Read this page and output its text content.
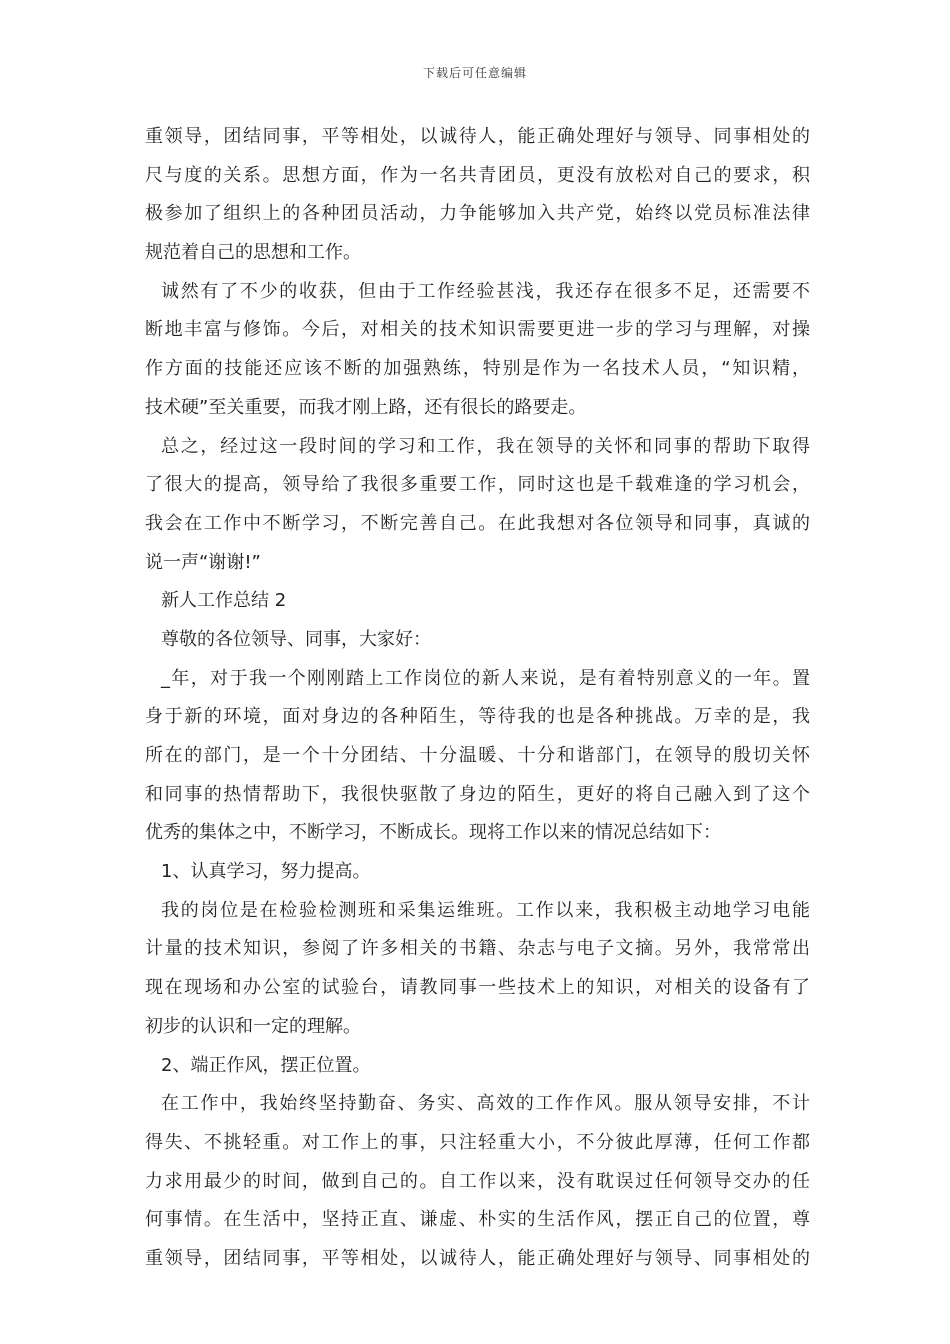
下载后可任意编辑
重领导，团结同事，平等相处，以诚待人，能正确处理好与领导、同事相处的
尺与度的关系。思想方面，作为一名共青团员，更没有放松对自己的要求，积
极参加了组织上的各种团员活动，力争能够加入共产党，始终以党员标准法律
规范着自己的思想和工作。
诚然有了不少的收获，但由于工作经验甚浅，我还存在很多不足，还需要不
断地丰富与修饰。今后，对相关的技术知识需要更进一步的学习与理解，对操
作方面的技能还应该不断的加强熟练，特别是作为一名技术人员，“知识精，
技术硬”至关重要，而我才刚上路，还有很长的路要走。
总之，经过这一段时间的学习和工作，我在领导的关怀和同事的帮助下取得
了很大的提高，领导给了我很多重要工作，同时这也是千载难逢的学习机会，
我会在工作中不断学习，不断完善自己。在此我想对各位领导和同事，真诚的
说一声“谢谢!”
新人工作总结 2
尊敬的各位领导、同事，大家好：
_年，对于我一个刚刚踏上工作岗位的新人来说，是有着特别意义的一年。置
身于新的环境，面对身边的各种陌生，等待我的也是各种挑战。万幸的是，我
所在的部门，是一个十分团结、十分温暖、十分和谐部门，在领导的殷切关怀
和同事的热情帮助下，我很快驱散了身边的陌生，更好的将自己融入到了这个
优秀的集体之中，不断学习，不断成长。现将工作以来的情况总结如下：
1、认真学习，努力提高。
我的岗位是在检验检测班和采集运维班。工作以来，我积极主动地学习电能
计量的技术知识，参阅了许多相关的书籍、杂志与电子文摘。另外，我常常出
现在现场和办公室的试验台，请教同事一些技术上的知识，对相关的设备有了
初步的认识和一定的理解。
2、端正作风，摆正位置。
在工作中，我始终坚持勤奋、务实、高效的工作作风。服从领导安排，不计
得失、不挑轻重。对工作上的事，只注轻重大小，不分彼此厚薄，任何工作都
力求用最少的时间，做到自己的。自工作以来，没有耽误过任何领导交办的任
何事情。在生活中，坚持正直、谦虚、朴实的生活作风，摆正自己的位置，尊
重领导，团结同事，平等相处，以诚待人，能正确处理好与领导、同事相处的
